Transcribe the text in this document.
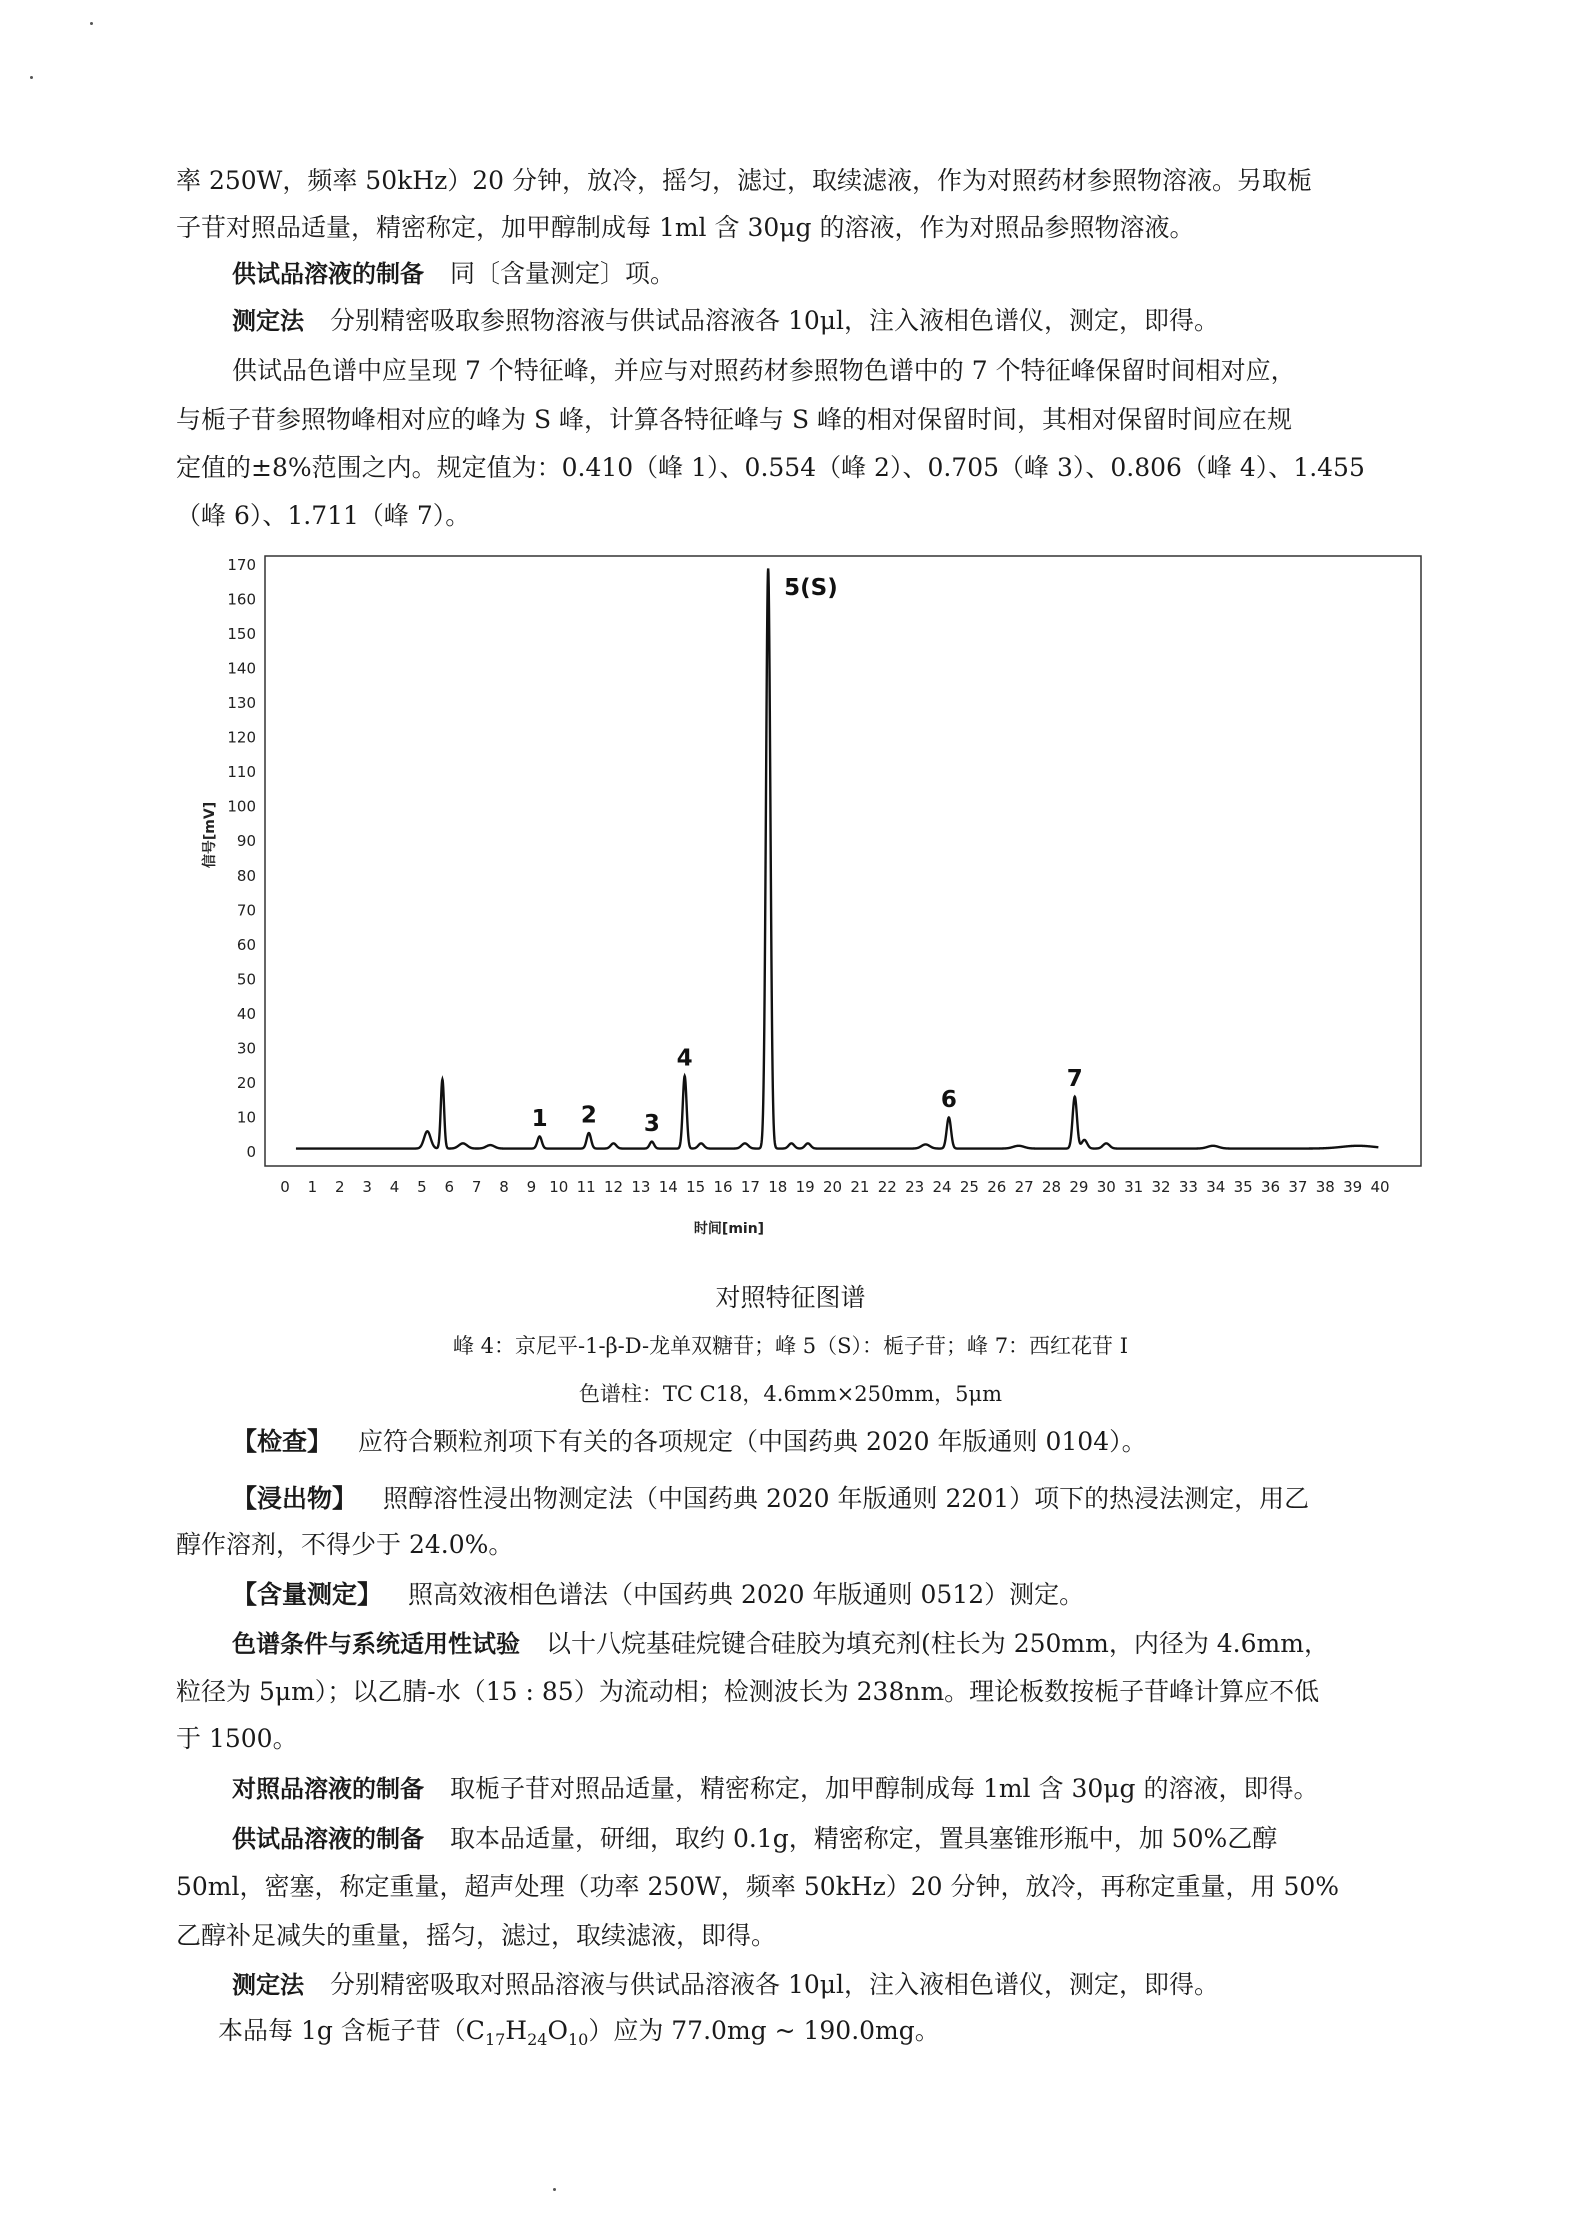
率 250W，频率 50kHz）20 分钟，放冷，摇匀，滤过，取续滤液，作为对照药材参照物溶液。另取栀
子苷对照品适量，精密称定，加甲醇制成每 1ml 含 30μg 的溶液，作为对照品参照物溶液。
供试品溶液的制备 同〔含量测定〕项。
测定法 分别精密吸取参照物溶液与供试品溶液各 10μl，注入液相色谱仪，测定，即得。
供试品色谱中应呈现 7 个特征峰，并应与对照药材参照物色谱中的 7 个特征峰保留时间相对应，
与栀子苷参照物峰相对应的峰为 S 峰，计算各特征峰与 S 峰的相对保留时间，其相对保留时间应在规
定值的±8%范围之内。规定值为：0.410（峰 1）、0.554（峰 2）、0.705（峰 3）、0.806（峰 4）、1.455
（峰 6）、1.711（峰 7）。
0
10
20
30
40
50
60
70
80
90
100
110
120
130
140
150
160
170
0 1 2 3 4 5 6 7 8 9 10 11 12 13 14 15 16 17 18 19 20 21 22 23 24 25 26 27 28 29 30 31 32 33 34 35 36 37 38 39 40
1 2 3
4
5(S)
6
7
信号[mV]
时间[min]
对照特征图谱
峰 4：京尼平-1-β-D-龙单双糖苷；峰 5（S）：栀子苷；峰 7：西红花苷 I
色谱柱：TC C18，4.6mm×250mm，5μm
【检查】 应符合颗粒剂项下有关的各项规定（中国药典 2020 年版通则 0104）。
【浸出物】 照醇溶性浸出物测定法（中国药典 2020 年版通则 2201）项下的热浸法测定，用乙
醇作溶剂，不得少于 24.0%。
【含量测定】 照高效液相色谱法（中国药典 2020 年版通则 0512）测定。
色谱条件与系统适用性试验 以十八烷基硅烷键合硅胶为填充剂(柱长为 250mm，内径为 4.6mm，
粒径为 5μm）；以乙腈-水（15 : 85）为流动相；检测波长为 238nm。理论板数按栀子苷峰计算应不低
于 1500。
对照品溶液的制备 取栀子苷对照品适量，精密称定，加甲醇制成每 1ml 含 30μg 的溶液，即得。
供试品溶液的制备 取本品适量，研细，取约 0.1g，精密称定，置具塞锥形瓶中，加 50%乙醇
50ml，密塞，称定重量，超声处理（功率 250W，频率 50kHz）20 分钟，放冷，再称定重量，用 50%
乙醇补足减失的重量，摇匀，滤过，取续滤液，即得。
测定法 分别精密吸取对照品溶液与供试品溶液各 10μl，注入液相色谱仪，测定，即得。
本品每 1g 含栀子苷$(C_{17}H_{24}O_{10})$应为 77.0mg ~ 190.0mg。
